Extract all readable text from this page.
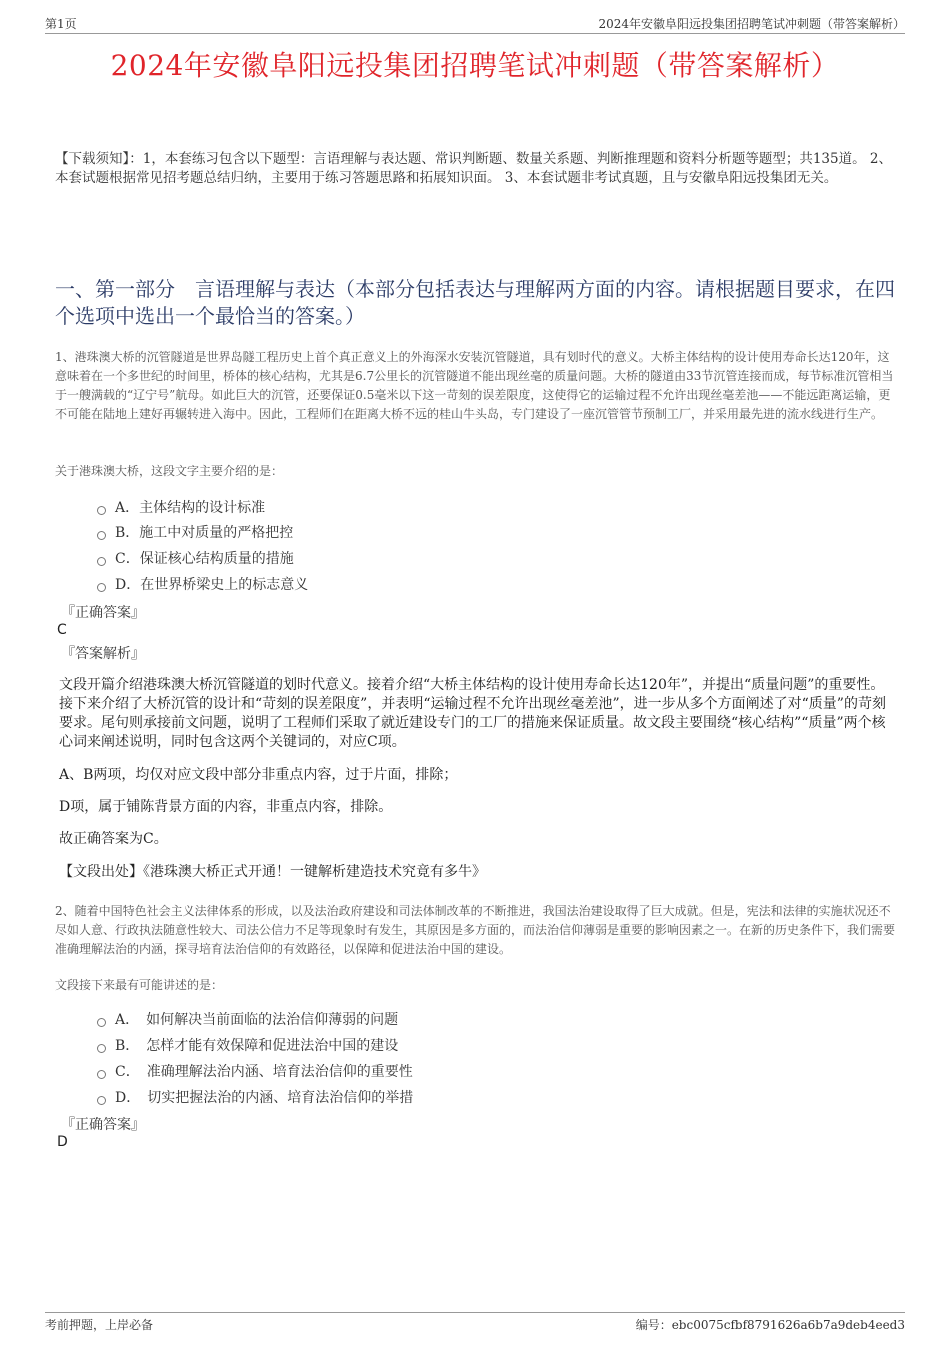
第1页	2024年安徽阜阳远投集团招聘笔试冲刺题（带答案解析）
2024年安徽阜阳远投集团招聘笔试冲刺题（带答案解析）
【下载须知】：1，本套练习包含以下题型：言语理解与表达题、常识判断题、数量关系题、判断推理题和资料分析题等题型；共135道。 2、本套试题根据常见招考题总结归纳，主要用于练习答题思路和拓展知识面。 3、本套试题非考试真题，且与安徽阜阳远投集团无关。
一、第一部分　言语理解与表达（本部分包括表达与理解两方面的内容。请根据题目要求，在四个选项中选出一个最恰当的答案。）
1、港珠澳大桥的沉管隧道是世界岛隧工程历史上首个真正意义上的外海深水安装沉管隧道，具有划时代的意义。大桥主体结构的设计使用寿命长达120年，这意味着在一个多世纪的时间里，桥体的核心结构，尤其是6.7公里长的沉管隧道不能出现丝毫的质量问题。大桥的隧道由33节沉管连接而成，每节标准沉管相当于一艘满载的“辽宁号”航母。如此巨大的沉管，还要保证0.5毫米以下这一苛刻的误差限度，这使得它的运输过程不允许出现丝毫差池——不能远距离运输，更不可能在陆地上建好再辗转进入海中。因此，工程师们在距离大桥不远的桂山牛头岛，专门建设了一座沉管管节预制工厂，并采用最先进的流水线进行生产。
关于港珠澳大桥，这段文字主要介绍的是：
A．主体结构的设计标准
B．施工中对质量的严格把控
C．保证核心结构质量的措施
D．在世界桥梁史上的标志意义
『正确答案』
C
『答案解析』
文段开篇介绍港珠澳大桥沉管隧道的划时代意义。接着介绍“大桥主体结构的设计使用寿命长达120年”，并提出“质量问题”的重要性。接下来介绍了大桥沉管的设计和“苛刻的误差限度”，并表明“运输过程不允许出现丝毫差池”，进一步从多个方面阐述了对“质量”的苛刻要求。尾句则承接前文问题，说明了工程师们采取了就近建设专门的工厂的措施来保证质量。故文段主要围绕“核心结构”“质量”两个核心词来阐述说明，同时包含这两个关键词的，对应C项。
A、B两项，均仅对应文段中部分非重点内容，过于片面，排除；
D项，属于铺陈背景方面的内容，非重点内容，排除。
故正确答案为C。
【文段出处】《港珠澳大桥正式开通！一键解析建造技术究竟有多牛》
2、随着中国特色社会主义法律体系的形成，以及法治政府建设和司法体制改革的不断推进，我国法治建设取得了巨大成就。但是，宪法和法律的实施状况还不尽如人意、行政执法随意性较大、司法公信力不足等现象时有发生，其原因是多方面的，而法治信仰薄弱是重要的影响因素之一。在新的历史条件下，我们需要准确理解法治的内涵，探寻培育法治信仰的有效路径，以保障和促进法治中国的建设。
文段接下来最有可能讲述的是：
A．　如何解决当前面临的法治信仰薄弱的问题
B．　怎样才能有效保障和促进法治中国的建设
C．　准确理解法治内涵、培育法治信仰的重要性
D．　切实把握法治的内涵、培育法治信仰的举措
『正确答案』
D
考前押题，上岸必备	编号：ebc0075cfbf8791626a6b7a9deb4eed3
